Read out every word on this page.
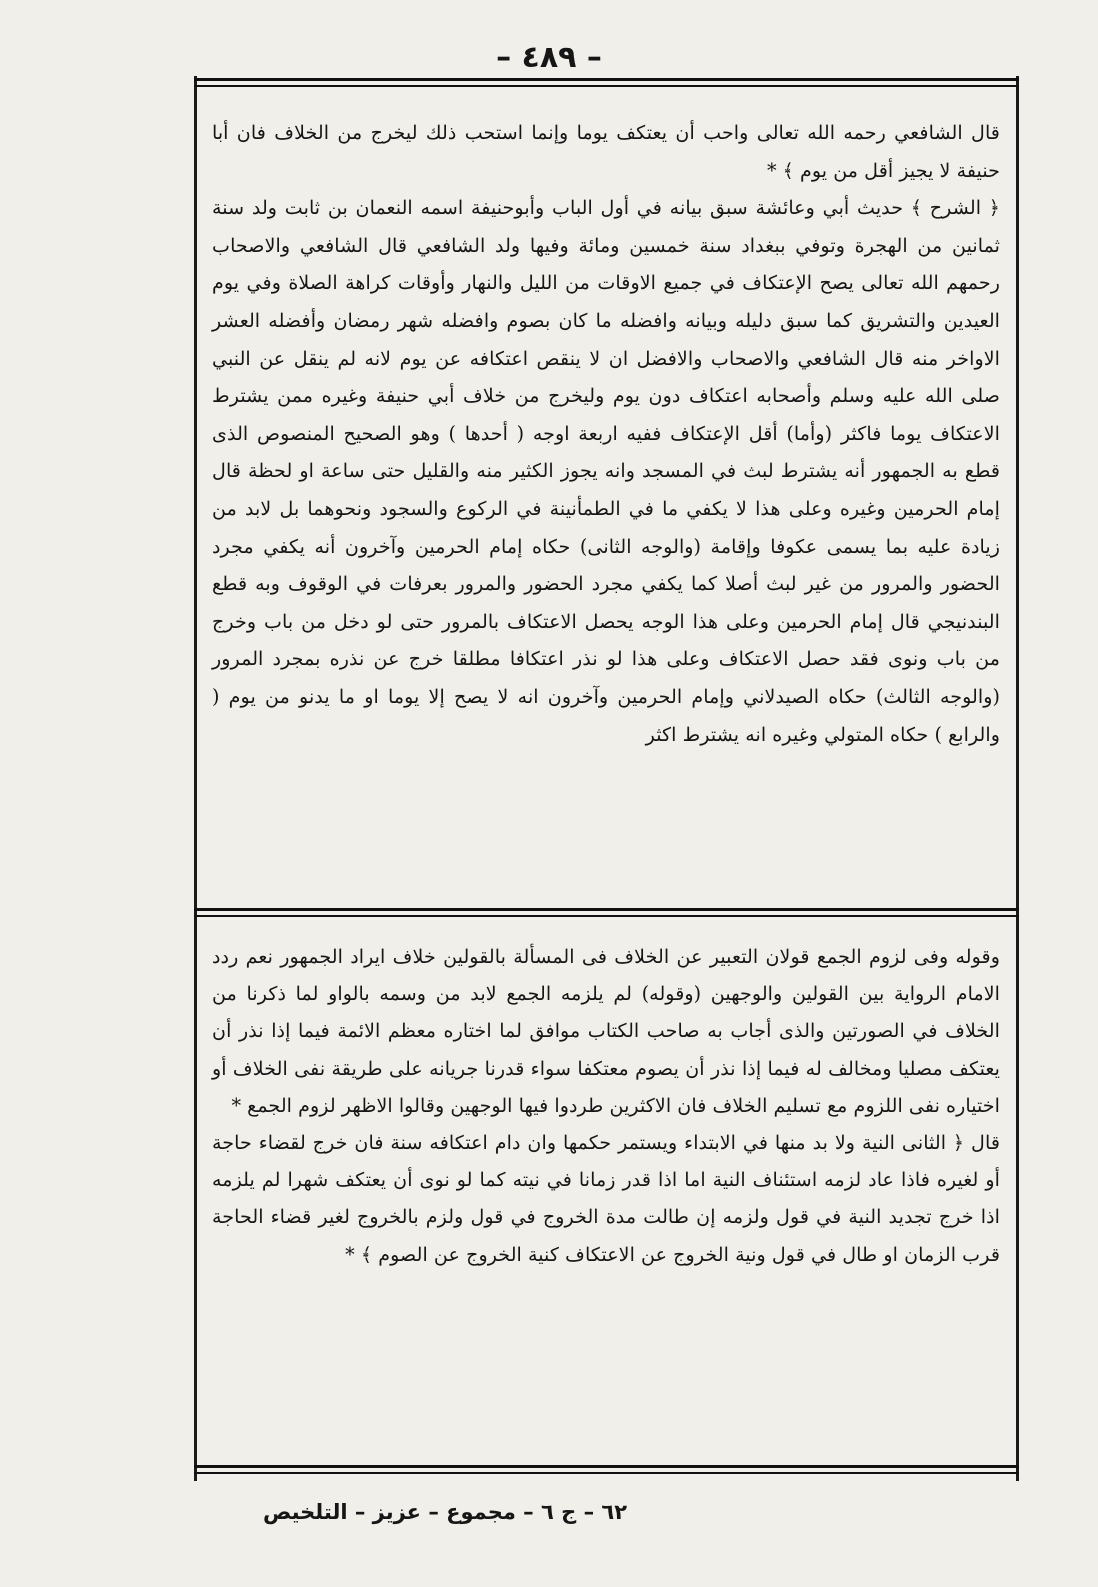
– ٤٨٩ –

قال الشافعي رحمه الله تعالى واحب أن يعتكف يوما وإنما استحب ذلك ليخرج من الخلاف فان أبا حنيفة لا يجيز أقل من يوم ﴾ *

﴿ الشرح ﴾ حديث أبي وعائشة سبق بيانه في أول الباب وأبوحنيفة اسمه النعمان بن ثابت ولد سنة ثمانين من الهجرة وتوفي ببغداد سنة خمسين ومائة وفيها ولد الشافعي قال الشافعي والاصحاب رحمهم الله تعالى يصح الإعتكاف في جميع الاوقات من الليل والنهار وأوقات كراهة الصلاة وفي يوم العيدين والتشريق كما سبق دليله وبيانه وافضله ما كان بصوم وافضله شهر رمضان وأفضله العشر الاواخر منه قال الشافعي والاصحاب والافضل ان لا ينقص اعتكافه عن يوم لانه لم ينقل عن النبي صلى الله عليه وسلم وأصحابه اعتكاف دون يوم وليخرج من خلاف أبي حنيفة وغيره ممن يشترط الاعتكاف يوما فاكثر (وأما) أقل الإعتكاف ففيه اربعة اوجه ( أحدها ) وهو الصحيح المنصوص الذى قطع به الجمهور أنه يشترط لبث في المسجد وانه يجوز الكثير منه والقليل حتى ساعة او لحظة قال إمام الحرمين وغيره وعلى هذا لا يكفي ما في الطمأنينة في الركوع والسجود ونحوهما بل لابد من زيادة عليه بما يسمى عكوفا وإقامة (والوجه الثانى) حكاه إمام الحرمين وآخرون أنه يكفي مجرد الحضور والمرور من غير لبث أصلا كما يكفي مجرد الحضور والمرور بعرفات في الوقوف وبه قطع البندنيجي قال إمام الحرمين وعلى هذا الوجه يحصل الاعتكاف بالمرور حتى لو دخل من باب وخرج من باب ونوى فقد حصل الاعتكاف وعلى هذا لو نذر اعتكافا مطلقا خرج عن نذره بمجرد المرور (والوجه الثالث) حكاه الصيدلاني وإمام الحرمين وآخرون انه لا يصح إلا يوما او ما يدنو من يوم ( والرابع ) حكاه المتولي وغيره انه يشترط اكثر

وقوله وفى لزوم الجمع قولان التعبير عن الخلاف فى المسألة بالقولين خلاف ايراد الجمهور نعم ردد الامام الرواية بين القولين والوجهين (وقوله) لم يلزمه الجمع لابد من وسمه بالواو لما ذكرنا من الخلاف في الصورتين والذى أجاب به صاحب الكتاب موافق لما اختاره معظم الائمة فيما إذا نذر أن يعتكف مصليا ومخالف له فيما إذا نذر أن يصوم معتكفا سواء قدرنا جريانه على طريقة نفى الخلاف أو اختياره نفى اللزوم مع تسليم الخلاف فان الاكثرين طردوا فيها الوجهين وقالوا الاظهر لزوم الجمع *

قال ﴿ الثانى النية ولا بد منها في الابتداء ويستمر حكمها وان دام اعتكافه سنة فان خرج لقضاء حاجة أو لغيره فاذا عاد لزمه استئناف النية اما اذا قدر زمانا في نيته كما لو نوى أن يعتكف شهرا لم يلزمه اذا خرج تجديد النية في قول ولزمه إن طالت مدة الخروج في قول ولزم بالخروج لغير قضاء الحاجة قرب الزمان او طال في قول ونية الخروج عن الاعتكاف كنية الخروج عن الصوم ﴾ *

٦٢ – ج ٦ – مجموع – عزيز – التلخيص
